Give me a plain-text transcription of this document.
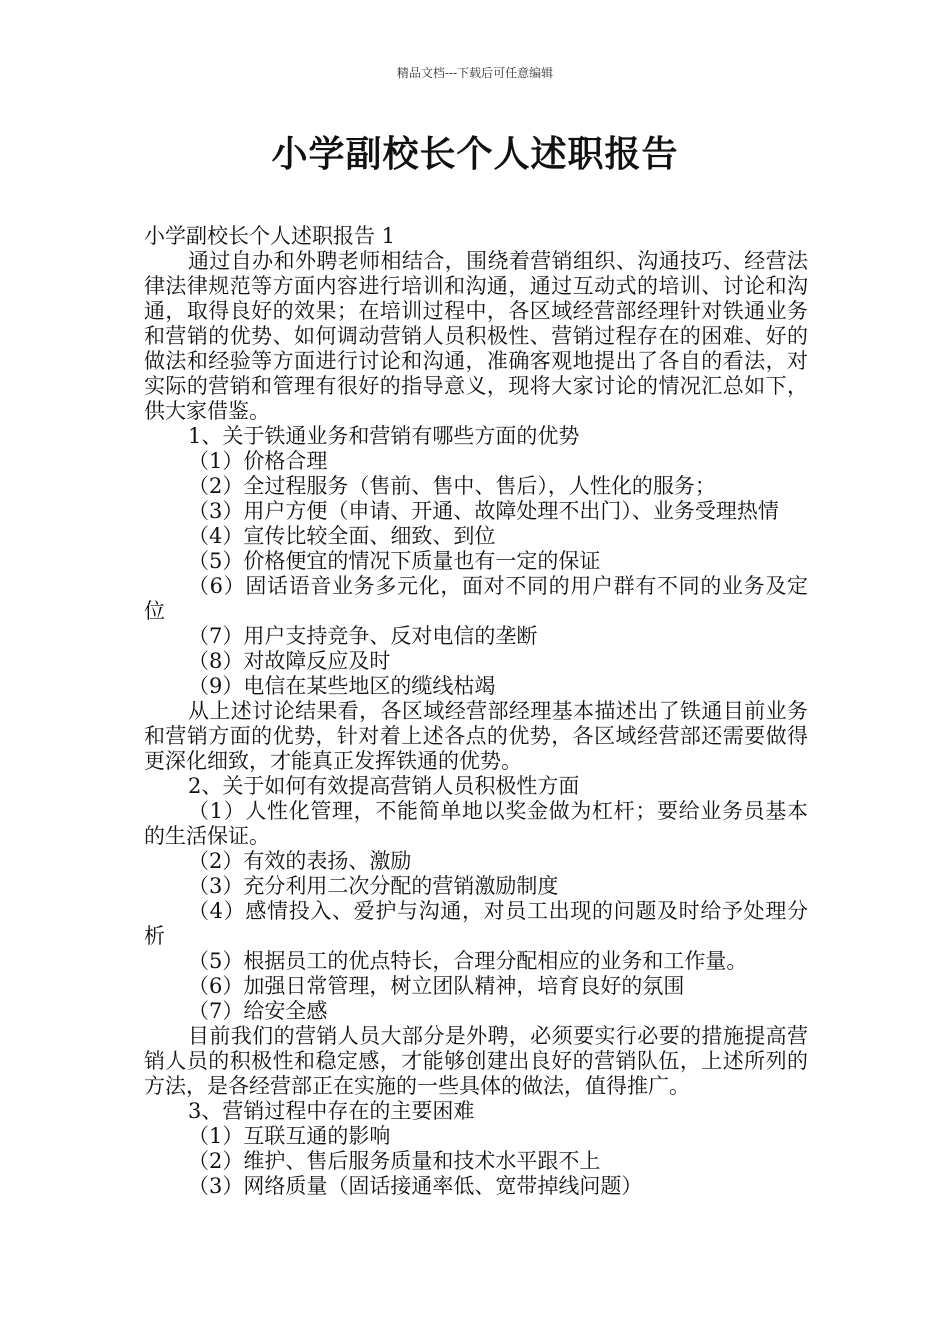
精品文档---下载后可任意编辑
小学副校长个人述职报告

小学副校长个人述职报告 1

通过自办和外聘老师相结合，围绕着营销组织、沟通技巧、经营法律法律规范等方面内容进行培训和沟通，通过互动式的培训、讨论和沟通，取得良好的效果；在培训过程中，各区域经营部经理针对铁通业务和营销的优势、如何调动营销人员积极性、营销过程存在的困难、好的做法和经验等方面进行讨论和沟通，准确客观地提出了各自的看法，对实际的营销和管理有很好的指导意义，现将大家讨论的情况汇总如下，供大家借鉴。

1、关于铁通业务和营销有哪些方面的优势

（1）价格合理

（2）全过程服务（售前、售中、售后），人性化的服务；

（3）用户方便（申请、开通、故障处理不出门）、业务受理热情

（4）宣传比较全面、细致、到位

（5）价格便宜的情况下质量也有一定的保证

（6）固话语音业务多元化，面对不同的用户群有不同的业务及定位

（7）用户支持竞争、反对电信的垄断

（8）对故障反应及时

（9）电信在某些地区的缆线枯竭

从上述讨论结果看，各区域经营部经理基本描述出了铁通目前业务和营销方面的优势，针对着上述各点的优势，各区域经营部还需要做得更深化细致，才能真正发挥铁通的优势。

2、关于如何有效提高营销人员积极性方面

（1）人性化管理，不能简单地以奖金做为杠杆；要给业务员基本的生活保证。

（2）有效的表扬、激励

（3）充分利用二次分配的营销激励制度

（4）感情投入、爱护与沟通，对员工出现的问题及时给予处理分析

（5）根据员工的优点特长，合理分配相应的业务和工作量。

（6）加强日常管理，树立团队精神，培育良好的氛围

（7）给安全感

目前我们的营销人员大部分是外聘，必须要实行必要的措施提高营销人员的积极性和稳定感，才能够创建出良好的营销队伍，上述所列的方法，是各经营部正在实施的一些具体的做法，值得推广。

3、营销过程中存在的主要困难

（1）互联互通的影响

（2）维护、售后服务质量和技术水平跟不上

（3）网络质量（固话接通率低、宽带掉线问题）
